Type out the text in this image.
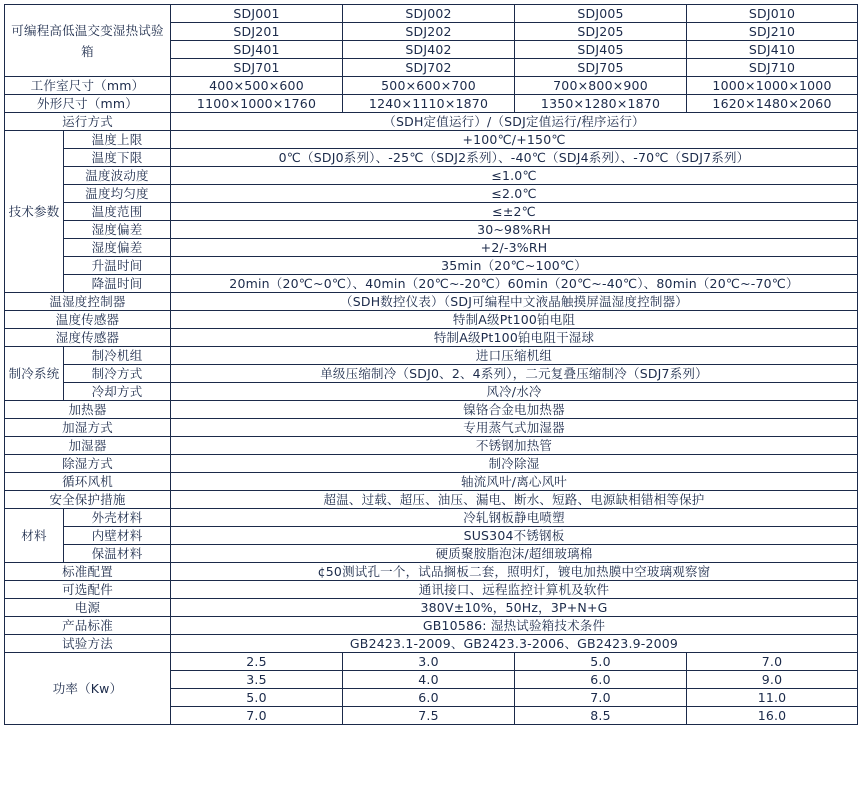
可编程高低温交变湿热试验箱		SDJ001	SDJ002	SDJ005	SDJ010
		SDJ201	SDJ202	SDJ205	SDJ210
		SDJ401	SDJ402	SDJ405	SDJ410
		SDJ701	SDJ702	SDJ705	SDJ710
工作室尺寸（mm）		400×500×600	500×600×700	700×800×900	1000×1000×1000
外形尺寸（mm）		1100×1000×1760	1240×1110×1870	1350×1280×1870	1620×1480×2060
运行方式		（SDH定值运行）/（SDJ定值运行/程序运行）			
技术参数	温度上限	+100℃/+150℃			
	温度下限	0℃（SDJ0系列）、-25℃（SDJ2系列）、-40℃（SDJ4系列）、-70℃（SDJ7系列）			
	温度波动度	≤1.0℃			
	温度均匀度	≤2.0℃			
	温度范围	≤±2℃			
	湿度偏差	30~98%RH			
	湿度偏差	+2/-3%RH			
	升温时间	35min（20℃~100℃）			
	降温时间	20min（20℃~0℃）、40min（20℃~-20℃）60min（20℃~-40℃）、80min（20℃~-70℃）			
温湿度控制器		（SDH数控仪表）（SDJ可编程中文液晶触摸屏温湿度控制器）			
温度传感器		特制A级Pt100铂电阻			
湿度传感器		特制A级Pt100铂电阻干湿球			
制冷系统	制冷机组	进口压缩机组			
	制冷方式	单级压缩制冷（SDJ0、2、4系列），二元复叠压缩制冷（SDJ7系列）			
	冷却方式	风冷/水冷			
加热器		镍铬合金电加热器			
加湿方式		专用蒸气式加湿器			
加湿器		不锈钢加热管			
除湿方式		制冷除湿			
循环风机		轴流风叶/离心风叶			
安全保护措施		超温、过载、超压、油压、漏电、断水、短路、电源缺相错相等保护			
材料	外壳材料	冷轧钢板静电喷塑			
	内壁材料	SUS304不锈钢板			
	保温材料	硬质聚胺脂泡沫/超细玻璃棉			
标准配置		¢50测试孔一个，试品搁板二套，照明灯，镀电加热膜中空玻璃观察窗			
可选配件		通讯接口、远程监控计算机及软件			
电源		380V±10%，50Hz，3P+N+G			
产品标准		GB10586: 湿热试验箱技术条件			
试验方法		GB2423.1-2009、GB2423.3-2006、GB2423.9-2009			
功率（Kw）		2.5	3.0	5.0	7.0
		3.5	4.0	6.0	9.0
		5.0	6.0	7.0	11.0
		7.0	7.5	8.5	16.0
